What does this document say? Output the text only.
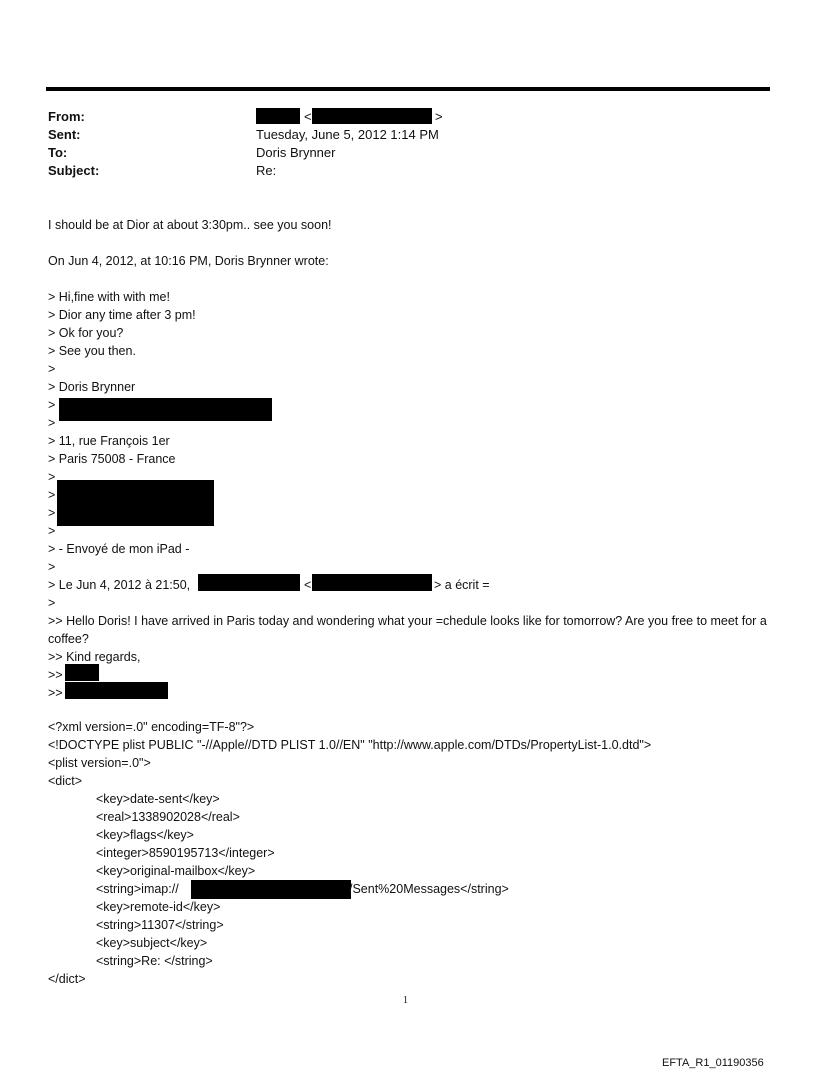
From:	<	>
Sent:	Tuesday, June 5, 2012 1:14 PM
To:	Doris Brynner
Subject:	Re:
I should be at Dior at about 3:30pm.. see you soon!
On Jun 4, 2012, at 10:16 PM, Doris Brynner wrote:
> Hi,fine with with me!
> Dior any time after 3 pm!
> Ok for you?
> See you then.
>
> Doris Brynner
>
>
> 11, rue François 1er
> Paris 75008 - France
>
>
>
>
> - Envoyé de mon iPad -
>
> Le Jun 4, 2012 à 21:50,	<	> a écrit =
>
>> Hello Doris! I have arrived in Paris today and wondering what your =chedule looks like for tomorrow? Are you free to meet for a coffee?
>> Kind regards,
>>
>>
<?xml version=.0" encoding=TF-8"?>
<!DOCTYPE plist PUBLIC "-//Apple//DTD PLIST 1.0//EN" "http://www.apple.com/DTDs/PropertyList-1.0.dtd">
<plist version=.0">
<dict>
<key>date-sent</key>
<real>1338902028</real>
<key>flags</key>
<integer>8590195713</integer>
<key>original-mailbox</key>
<string>imap://	/Sent%20Messages</string>
<key>remote-id</key>
<string>11307</string>
<key>subject</key>
<string>Re: </string>
</dict>
1
EFTA_R1_01190356
